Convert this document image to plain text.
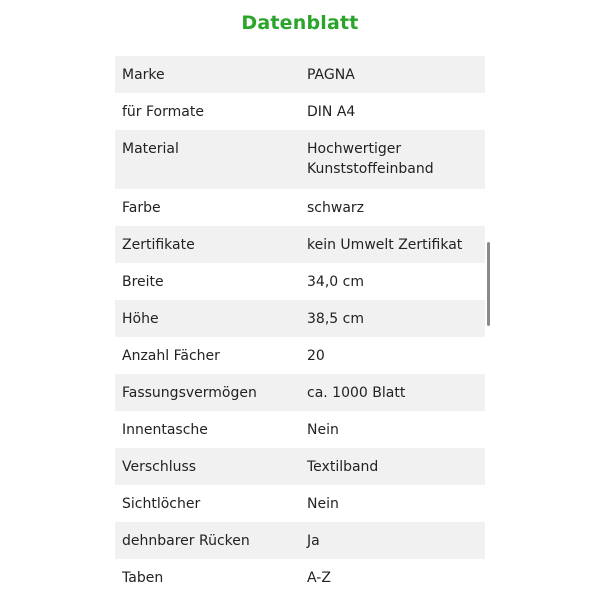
Datenblatt
Marke	PAGNA
für Formate	DIN A4
Material	Hochwertiger Kunststoffeinband
Farbe	schwarz
Zertifikate	kein Umwelt Zertifikat
Breite	34,0 cm
Höhe	38,5 cm
Anzahl Fächer	20
Fassungsvermögen	ca. 1000 Blatt
Innentasche	Nein
Verschluss	Textilband
Sichtlöcher	Nein
dehnbarer Rücken	Ja
Taben	A-Z
